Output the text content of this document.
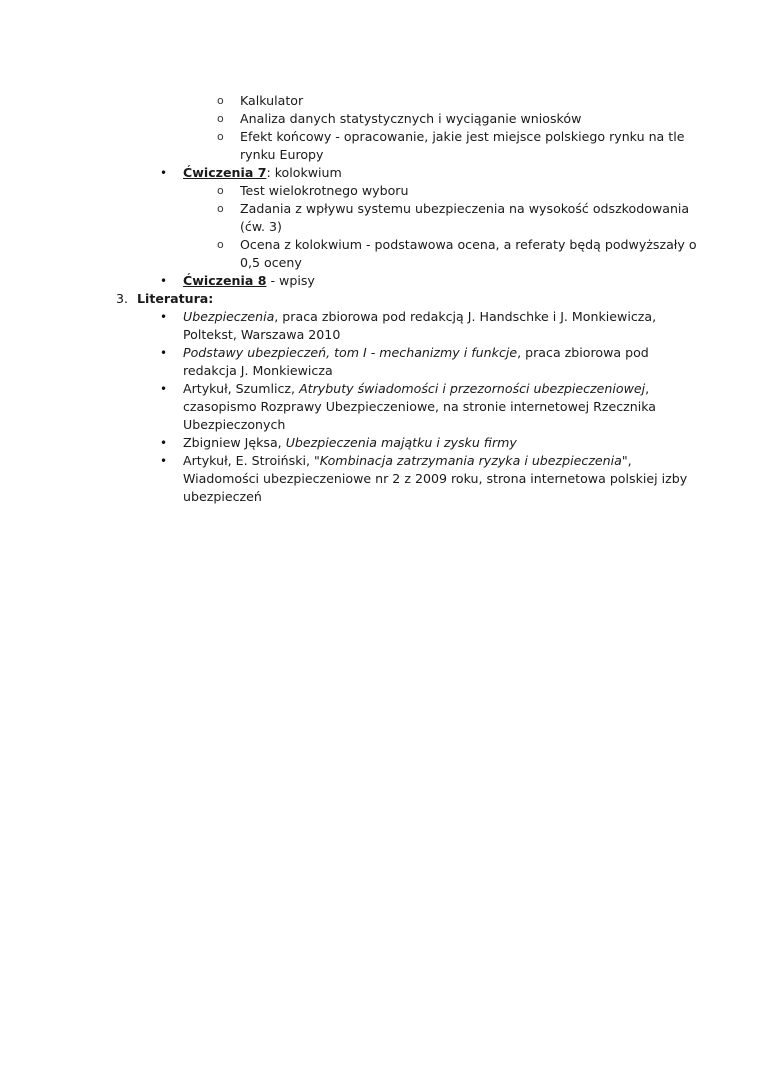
o Kalkulator
o Analiza danych statystycznych i wyciąganie wniosków
o Efekt końcowy - opracowanie, jakie jest miejsce polskiego rynku na tle
rynku Europy
• Ćwiczenia 7: kolokwium
o Test wielokrotnego wyboru
o Zadania z wpływu systemu ubezpieczenia na wysokość odszkodowania
(ćw. 3)
o Ocena z kolokwium - podstawowa ocena, a referaty będą podwyższały o
0,5 oceny
• Ćwiczenia 8 - wpisy
3. Literatura:
• Ubezpieczenia, praca zbiorowa pod redakcją J. Handschke i J. Monkiewicza,
Poltekst, Warszawa 2010
• Podstawy ubezpieczeń, tom I - mechanizmy i funkcje, praca zbiorowa pod
redakcja J. Monkiewicza
• Artykuł, Szumlicz, Atrybuty świadomości i przezorności ubezpieczeniowej,
czasopismo Rozprawy Ubezpieczeniowe, na stronie internetowej Rzecznika
Ubezpieczonych
• Zbigniew Jęksa, Ubezpieczenia majątku i zysku firmy
• Artykuł, E. Stroiński, "Kombinacja zatrzymania ryzyka i ubezpieczenia",
Wiadomości ubezpieczeniowe nr 2 z 2009 roku, strona internetowa polskiej izby
ubezpieczeń
